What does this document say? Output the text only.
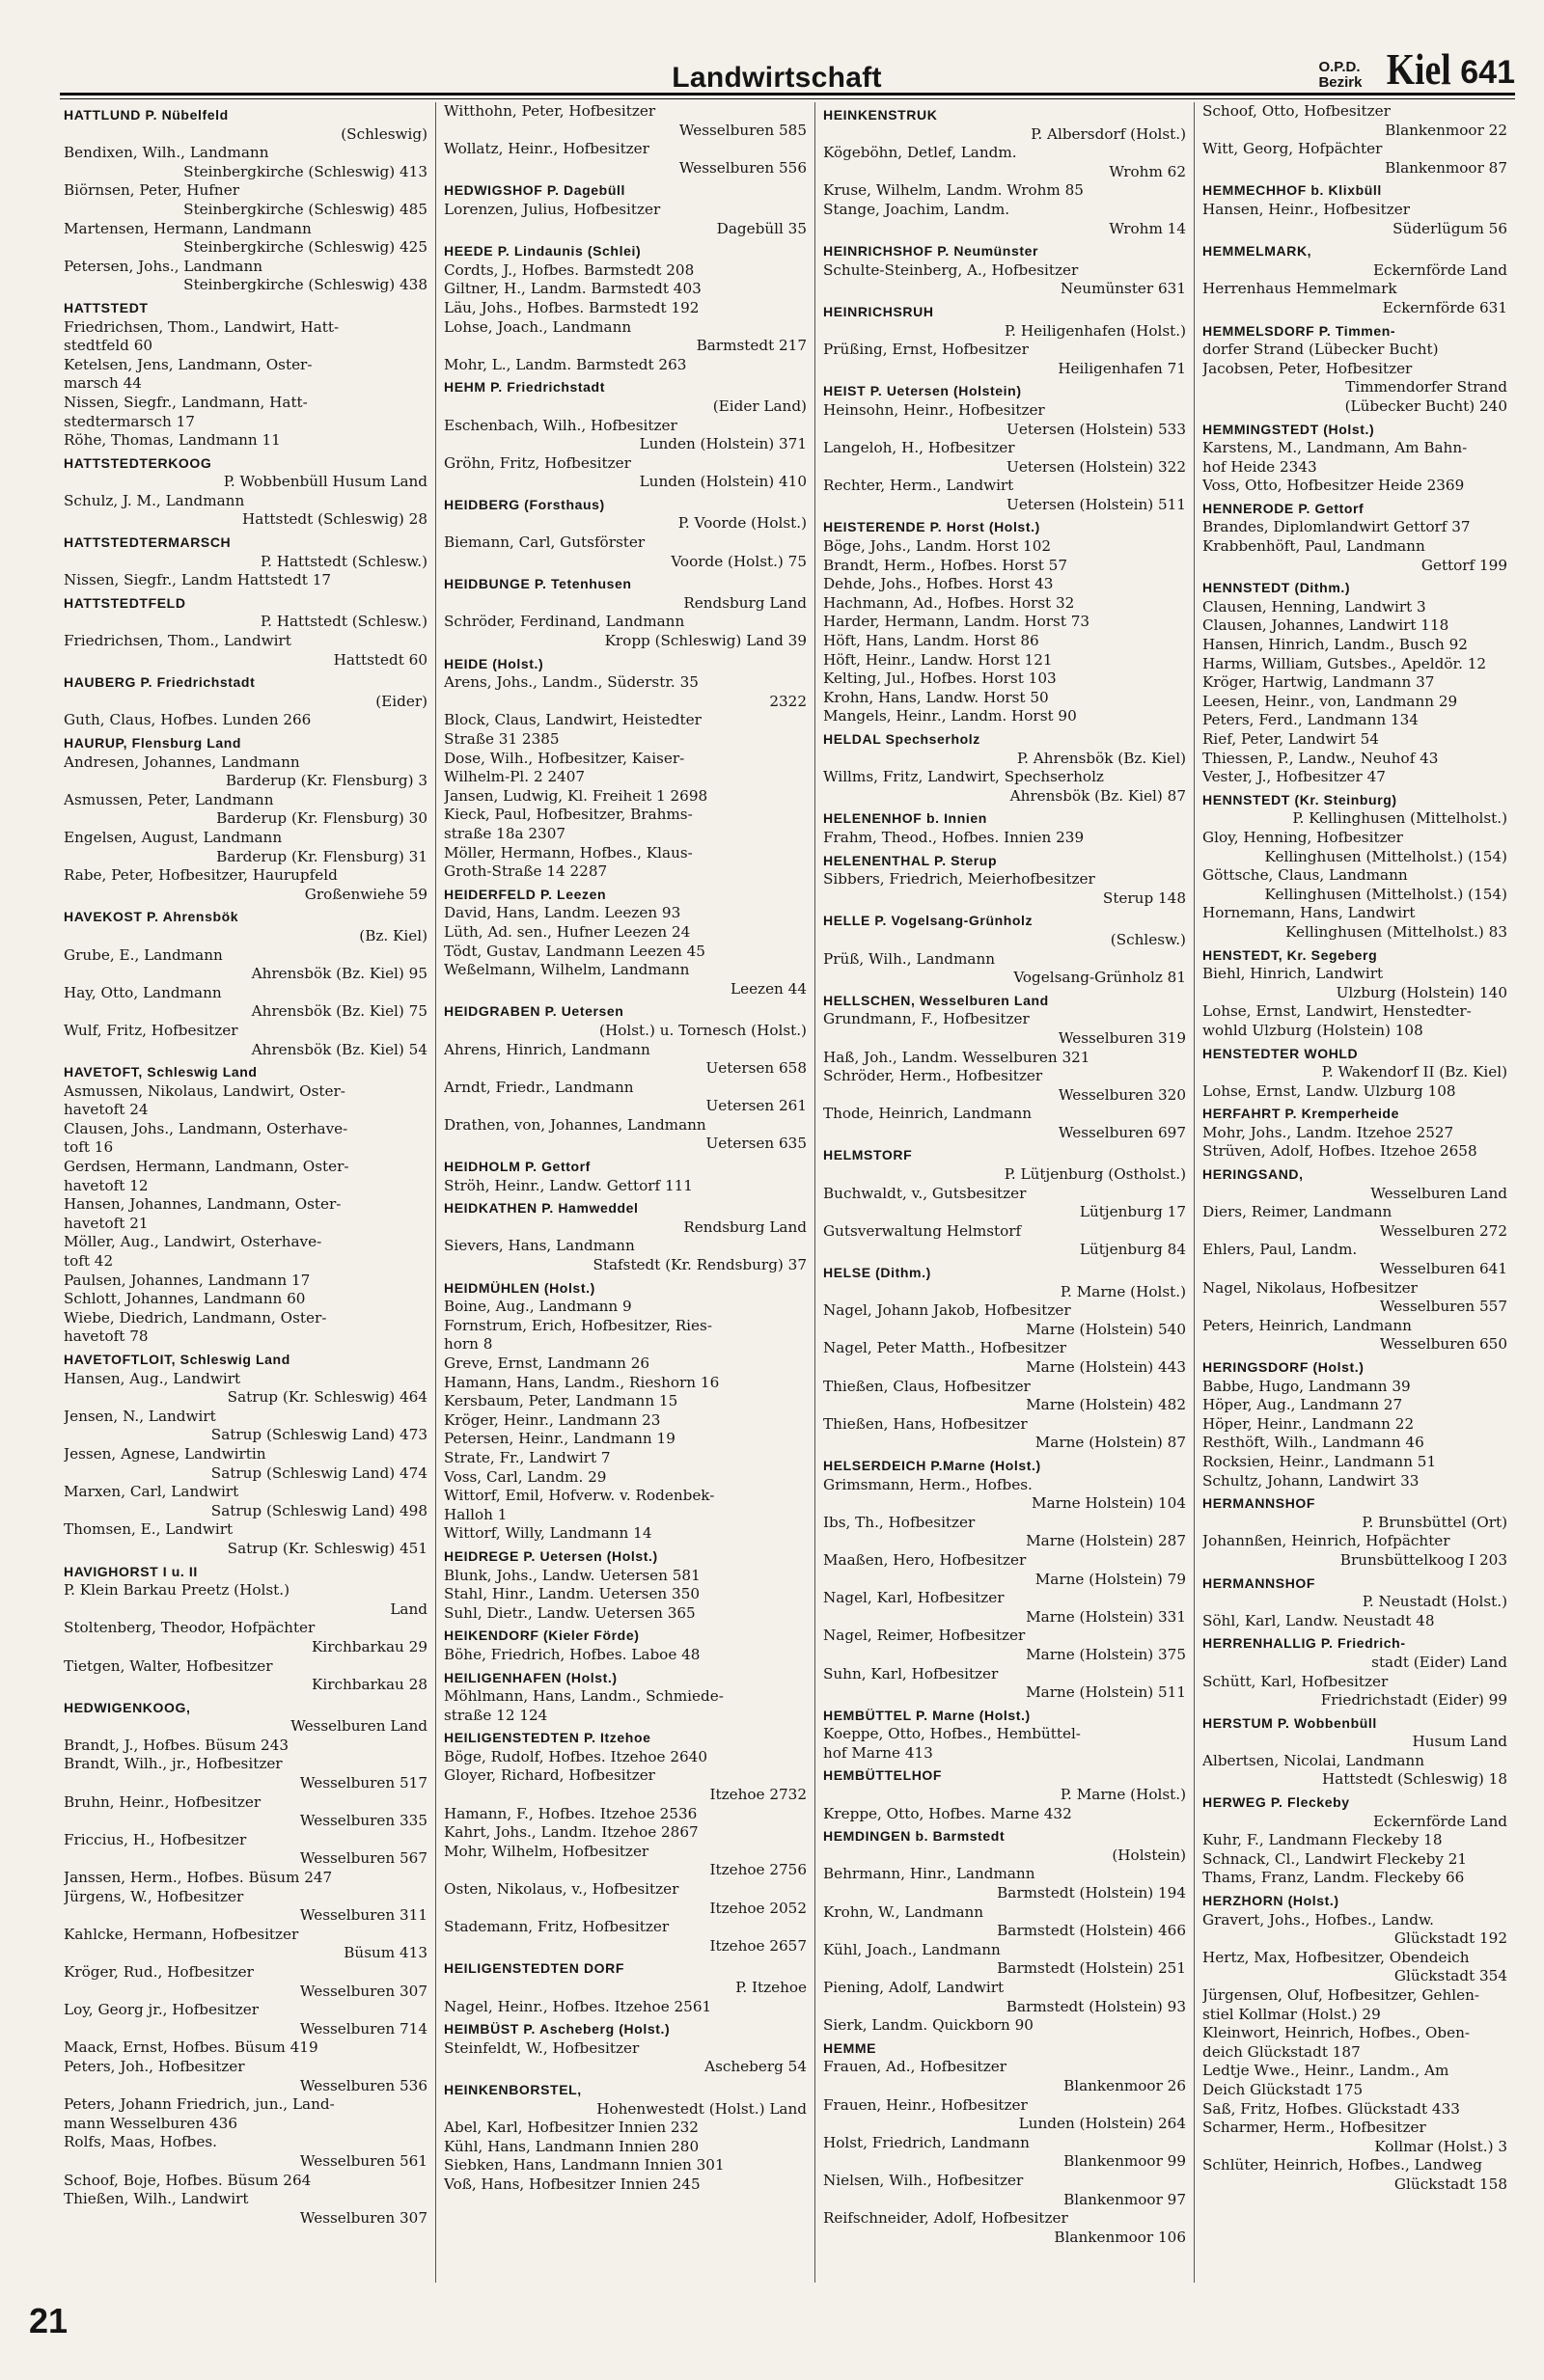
Landwirtschaft	O.P.D.
Bezirk Kiel 641
HATTLUND P. Nübelfeld
(Schleswig)
Bendixen, Wilh., Landmann
Steinbergkirche (Schleswig) 413
Biörnsen, Peter, Hufner
Steinbergkirche (Schleswig) 485
Martensen, Hermann, Landmann
Steinbergkirche (Schleswig) 425
Petersen, Johs., Landmann
Steinbergkirche (Schleswig) 438
HATTSTEDT
Friedrichsen, Thom., Landwirt, Hatt-
stedtfeld 60
Ketelsen, Jens, Landmann, Oster-
marsch 44
Nissen, Siegfr., Landmann, Hatt-
stedtermarsch 17
Röhe, Thomas, Landmann 11
HATTSTEDTERKOOG
P. Wobbenbüll Husum Land
Schulz, J. M., Landmann
Hattstedt (Schleswig) 28
HATTSTEDTERMARSCH
P. Hattstedt (Schlesw.)
Nissen, Siegfr., Landm Hattstedt 17
HATTSTEDTFELD
P. Hattstedt (Schlesw.)
Friedrichsen, Thom., Landwirt
Hattstedt 60
HAUBERG P. Friedrichstadt
(Eider)
Guth, Claus, Hofbes. Lunden 266
HAURUP, Flensburg Land
Andresen, Johannes, Landmann
Barderup (Kr. Flensburg) 3
Asmussen, Peter, Landmann
Barderup (Kr. Flensburg) 30
Engelsen, August, Landmann
Barderup (Kr. Flensburg) 31
Rabe, Peter, Hofbesitzer, Haurupfeld
Großenwiehe 59
HAVEKOST P. Ahrensbök
(Bz. Kiel)
Grube, E., Landmann
Ahrensbök (Bz. Kiel) 95
Hay, Otto, Landmann
Ahrensbök (Bz. Kiel) 75
Wulf, Fritz, Hofbesitzer
Ahrensbök (Bz. Kiel) 54
HAVETOFT, Schleswig Land
Asmussen, Nikolaus, Landwirt, Oster-
havetoft 24
Clausen, Johs., Landmann, Osterhave-
toft 16
Gerdsen, Hermann, Landmann, Oster-
havetoft 12
Hansen, Johannes, Landmann, Oster-
havetoft 21
Möller, Aug., Landwirt, Osterhave-
toft 42
Paulsen, Johannes, Landmann 17
Schlott, Johannes, Landmann 60
Wiebe, Diedrich, Landmann, Oster-
havetoft 78
HAVETOFTLOIT, Schleswig Land
Hansen, Aug., Landwirt
Satrup (Kr. Schleswig) 464
Jensen, N., Landwirt
Satrup (Schleswig Land) 473
Jessen, Agnese, Landwirtin
Satrup (Schleswig Land) 474
Marxen, Carl, Landwirt
Satrup (Schleswig Land) 498
Thomsen, E., Landwirt
Satrup (Kr. Schleswig) 451
HAVIGHORST I u. II
P. Klein Barkau Preetz (Holst.)
Land
Stoltenberg, Theodor, Hofpächter
Kirchbarkau 29
Tietgen, Walter, Hofbesitzer
Kirchbarkau 28
HEDWIGENKOOG,
Wesselburen Land
Brandt, J., Hofbes. Büsum 243
Brandt, Wilh., jr., Hofbesitzer
Wesselburen 517
Bruhn, Heinr., Hofbesitzer
Wesselburen 335
Friccius, H., Hofbesitzer
Wesselburen 567
Janssen, Herm., Hofbes. Büsum 247
Jürgens, W., Hofbesitzer
Wesselburen 311
Kahlcke, Hermann, Hofbesitzer
Büsum 413
Kröger, Rud., Hofbesitzer
Wesselburen 307
Loy, Georg jr., Hofbesitzer
Wesselburen 714
Maack, Ernst, Hofbes. Büsum 419
Peters, Joh., Hofbesitzer
Wesselburen 536
Peters, Johann Friedrich, jun., Land-
mann Wesselburen 436
Rolfs, Maas, Hofbes.
Wesselburen 561
Schoof, Boje, Hofbes. Büsum 264
Thießen, Wilh., Landwirt
Wesselburen 307
Witthohn, Peter, Hofbesitzer
Wesselburen 585
Wollatz, Heinr., Hofbesitzer
Wesselburen 556
HEDWIGSHOF P. Dagebüll
Lorenzen, Julius, Hofbesitzer
Dagebüll 35
HEEDE P. Lindaunis (Schlei)
Cordts, J., Hofbes. Barmstedt 208
Giltner, H., Landm. Barmstedt 403
Läu, Johs., Hofbes. Barmstedt 192
Lohse, Joach., Landmann
Barmstedt 217
Mohr, L., Landm. Barmstedt 263
HEHM P. Friedrichstadt
(Eider Land)
Eschenbach, Wilh., Hofbesitzer
Lunden (Holstein) 371
Gröhn, Fritz, Hofbesitzer
Lunden (Holstein) 410
HEIDBERG (Forsthaus)
P. Voorde (Holst.)
Biemann, Carl, Gutsförster
Voorde (Holst.) 75
HEIDBUNGE P. Tetenhusen
Rendsburg Land
Schröder, Ferdinand, Landmann
Kropp (Schleswig) Land 39
HEIDE (Holst.)
Arens, Johs., Landm., Süderstr. 35
2322
Block, Claus, Landwirt, Heistedter
Straße 31 2385
Dose, Wilh., Hofbesitzer, Kaiser-
Wilhelm-Pl. 2 2407
Jansen, Ludwig, Kl. Freiheit 1 2698
Kieck, Paul, Hofbesitzer, Brahms-
straße 18a 2307
Möller, Hermann, Hofbes., Klaus-
Groth-Straße 14 2287
HEIDERFELD P. Leezen
David, Hans, Landm. Leezen 93
Lüth, Ad. sen., Hufner Leezen 24
Tödt, Gustav, Landmann Leezen 45
Weßelmann, Wilhelm, Landmann
Leezen 44
HEIDGRABEN P. Uetersen
(Holst.) u. Tornesch (Holst.)
Ahrens, Hinrich, Landmann
Uetersen 658
Arndt, Friedr., Landmann
Uetersen 261
Drathen, von, Johannes, Landmann
Uetersen 635
HEIDHOLM P. Gettorf
Ströh, Heinr., Landw. Gettorf 111
HEIDKATHEN P. Hamweddel
Rendsburg Land
Sievers, Hans, Landmann
Stafstedt (Kr. Rendsburg) 37
HEIDMÜHLEN (Holst.)
Boine, Aug., Landmann 9
Fornstrum, Erich, Hofbesitzer, Ries-
horn 8
Greve, Ernst, Landmann 26
Hamann, Hans, Landm., Rieshorn 16
Kersbaum, Peter, Landmann 15
Kröger, Heinr., Landmann 23
Petersen, Heinr., Landmann 19
Strate, Fr., Landwirt 7
Voss, Carl, Landm. 29
Wittorf, Emil, Hofverw. v. Rodenbek-
Halloh 1
Wittorf, Willy, Landmann 14
HEIDREGE P. Uetersen (Holst.)
Blunk, Johs., Landw. Uetersen 581
Stahl, Hinr., Landm. Uetersen 350
Suhl, Dietr., Landw. Uetersen 365
HEIKENDORF (Kieler Förde)
Böhe, Friedrich, Hofbes. Laboe 48
HEILIGENHAFEN (Holst.)
Möhlmann, Hans, Landm., Schmiede-
straße 12 124
HEILIGENSTEDTEN P. Itzehoe
Böge, Rudolf, Hofbes. Itzehoe 2640
Gloyer, Richard, Hofbesitzer
Itzehoe 2732
Hamann, F., Hofbes. Itzehoe 2536
Kahrt, Johs., Landm. Itzehoe 2867
Mohr, Wilhelm, Hofbesitzer
Itzehoe 2756
Osten, Nikolaus, v., Hofbesitzer
Itzehoe 2052
Stademann, Fritz, Hofbesitzer
Itzehoe 2657
HEILIGENSTEDTEN DORF
P. Itzehoe
Nagel, Heinr., Hofbes. Itzehoe 2561
HEIMBÜST P. Ascheberg (Holst.)
Steinfeldt, W., Hofbesitzer
Ascheberg 54
HEINKENBORSTEL,
Hohenwestedt (Holst.) Land
Abel, Karl, Hofbesitzer Innien 232
Kühl, Hans, Landmann Innien 280
Siebken, Hans, Landmann Innien 301
Voß, Hans, Hofbesitzer Innien 245
HEINKENSTRUK
P. Albersdorf (Holst.)
Kögeböhn, Detlef, Landm.
Wrohm 62
Kruse, Wilhelm, Landm. Wrohm 85
Stange, Joachim, Landm.
Wrohm 14
HEINRICHSHOF P. Neumünster
Schulte-Steinberg, A., Hofbesitzer
Neumünster 631
HEINRICHSRUH
P. Heiligenhafen (Holst.)
Prüßing, Ernst, Hofbesitzer
Heiligenhafen 71
HEIST P. Uetersen (Holstein)
Heinsohn, Heinr., Hofbesitzer
Uetersen (Holstein) 533
Langeloh, H., Hofbesitzer
Uetersen (Holstein) 322
Rechter, Herm., Landwirt
Uetersen (Holstein) 511
HEISTERENDE P. Horst (Holst.)
Böge, Johs., Landm. Horst 102
Brandt, Herm., Hofbes. Horst 57
Dehde, Johs., Hofbes. Horst 43
Hachmann, Ad., Hofbes. Horst 32
Harder, Hermann, Landm. Horst 73
Höft, Hans, Landm. Horst 86
Höft, Heinr., Landw. Horst 121
Kelting, Jul., Hofbes. Horst 103
Krohn, Hans, Landw. Horst 50
Mangels, Heinr., Landm. Horst 90
HELDAL Spechserholz
P. Ahrensbök (Bz. Kiel)
Willms, Fritz, Landwirt, Spechserholz
Ahrensbök (Bz. Kiel) 87
HELENENHOF b. Innien
Frahm, Theod., Hofbes. Innien 239
HELENENTHAL P. Sterup
Sibbers, Friedrich, Meierhofbesitzer
Sterup 148
HELLE P. Vogelsang-Grünholz
(Schlesw.)
Prüß, Wilh., Landmann
Vogelsang-Grünholz 81
HELLSCHEN, Wesselburen Land
Grundmann, F., Hofbesitzer
Wesselburen 319
Haß, Joh., Landm. Wesselburen 321
Schröder, Herm., Hofbesitzer
Wesselburen 320
Thode, Heinrich, Landmann
Wesselburen 697
HELMSTORF
P. Lütjenburg (Ostholst.)
Buchwaldt, v., Gutsbesitzer
Lütjenburg 17
Gutsverwaltung Helmstorf
Lütjenburg 84
HELSE (Dithm.)
P. Marne (Holst.)
Nagel, Johann Jakob, Hofbesitzer
Marne (Holstein) 540
Nagel, Peter Matth., Hofbesitzer
Marne (Holstein) 443
Thießen, Claus, Hofbesitzer
Marne (Holstein) 482
Thießen, Hans, Hofbesitzer
Marne (Holstein) 87
HELSERDEICH P.Marne (Holst.)
Grimsmann, Herm., Hofbes.
Marne Holstein) 104
Ibs, Th., Hofbesitzer
Marne (Holstein) 287
Maaßen, Hero, Hofbesitzer
Marne (Holstein) 79
Nagel, Karl, Hofbesitzer
Marne (Holstein) 331
Nagel, Reimer, Hofbesitzer
Marne (Holstein) 375
Suhn, Karl, Hofbesitzer
Marne (Holstein) 511
HEMBÜTTEL P. Marne (Holst.)
Koeppe, Otto, Hofbes., Hembüttel-
hof Marne 413
HEMBÜTTELHOF
P. Marne (Holst.)
Kreppe, Otto, Hofbes. Marne 432
HEMDINGEN b. Barmstedt
(Holstein)
Behrmann, Hinr., Landmann
Barmstedt (Holstein) 194
Krohn, W., Landmann
Barmstedt (Holstein) 466
Kühl, Joach., Landmann
Barmstedt (Holstein) 251
Piening, Adolf, Landwirt
Barmstedt (Holstein) 93
Sierk, Landm. Quickborn 90
HEMME
Frauen, Ad., Hofbesitzer
Blankenmoor 26
Frauen, Heinr., Hofbesitzer
Lunden (Holstein) 264
Holst, Friedrich, Landmann
Blankenmoor 99
Nielsen, Wilh., Hofbesitzer
Blankenmoor 97
Reifschneider, Adolf, Hofbesitzer
Blankenmoor 106
Schoof, Otto, Hofbesitzer
Blankenmoor 22
Witt, Georg, Hofpächter
Blankenmoor 87
HEMMECHHOF b. Klixbüll
Hansen, Heinr., Hofbesitzer
Süderlügum 56
HEMMELMARK,
Eckernförde Land
Herrenhaus Hemmelmark
Eckernförde 631
HEMMELSDORF P. Timmen-
dorfer Strand (Lübecker Bucht)
Jacobsen, Peter, Hofbesitzer
Timmendorfer Strand
(Lübecker Bucht) 240
HEMMINGSTEDT (Holst.)
Karstens, M., Landmann, Am Bahn-
hof Heide 2343
Voss, Otto, Hofbesitzer Heide 2369
HENNERODE P. Gettorf
Brandes, Diplomlandwirt Gettorf 37
Krabbenhöft, Paul, Landmann
Gettorf 199
HENNSTEDT (Dithm.)
Clausen, Henning, Landwirt 3
Clausen, Johannes, Landwirt 118
Hansen, Hinrich, Landm., Busch 92
Harms, William, Gutsbes., Apeldör. 12
Kröger, Hartwig, Landmann 37
Leesen, Heinr., von, Landmann 29
Peters, Ferd., Landmann 134
Rief, Peter, Landwirt 54
Thiessen, P., Landw., Neuhof 43
Vester, J., Hofbesitzer 47
HENNSTEDT (Kr. Steinburg)
P. Kellinghusen (Mittelholst.)
Gloy, Henning, Hofbesitzer
Kellinghusen (Mittelholst.) (154)
Göttsche, Claus, Landmann
Kellinghusen (Mittelholst.) (154)
Hornemann, Hans, Landwirt
Kellinghusen (Mittelholst.) 83
HENSTEDT, Kr. Segeberg
Biehl, Hinrich, Landwirt
Ulzburg (Holstein) 140
Lohse, Ernst, Landwirt, Henstedter-
wohld Ulzburg (Holstein) 108
HENSTEDTER WOHLD
P. Wakendorf II (Bz. Kiel)
Lohse, Ernst, Landw. Ulzburg 108
HERFAHRT P. Kremperheide
Mohr, Johs., Landm. Itzehoe 2527
Strüven, Adolf, Hofbes. Itzehoe 2658
HERINGSAND,
Wesselburen Land
Diers, Reimer, Landmann
Wesselburen 272
Ehlers, Paul, Landm.
Wesselburen 641
Nagel, Nikolaus, Hofbesitzer
Wesselburen 557
Peters, Heinrich, Landmann
Wesselburen 650
HERINGSDORF (Holst.)
Babbe, Hugo, Landmann 39
Höper, Aug., Landmann 27
Höper, Heinr., Landmann 22
Resthöft, Wilh., Landmann 46
Rocksien, Heinr., Landmann 51
Schultz, Johann, Landwirt 33
HERMANNSHOF
P. Brunsbüttel (Ort)
Johannßen, Heinrich, Hofpächter
Brunsbüttelkoog I 203
HERMANNSHOF
P. Neustadt (Holst.)
Söhl, Karl, Landw. Neustadt 48
HERRENHALLIG P. Friedrich-
stadt (Eider) Land
Schütt, Karl, Hofbesitzer
Friedrichstadt (Eider) 99
HERSTUM P. Wobbenbüll
Husum Land
Albertsen, Nicolai, Landmann
Hattstedt (Schleswig) 18
HERWEG P. Fleckeby
Eckernförde Land
Kuhr, F., Landmann Fleckeby 18
Schnack, Cl., Landwirt Fleckeby 21
Thams, Franz, Landm. Fleckeby 66
HERZHORN (Holst.)
Gravert, Johs., Hofbes., Landw.
Glückstadt 192
Hertz, Max, Hofbesitzer, Obendeich
Glückstadt 354
Jürgensen, Oluf, Hofbesitzer, Gehlen-
stiel Kollmar (Holst.) 29
Kleinwort, Heinrich, Hofbes., Oben-
deich Glückstadt 187
Ledtje Wwe., Heinr., Landm., Am
Deich Glückstadt 175
Saß, Fritz, Hofbes. Glückstadt 433
Scharmer, Herm., Hofbesitzer
Kollmar (Holst.) 3
Schlüter, Heinrich, Hofbes., Landweg
Glückstadt 158
21
